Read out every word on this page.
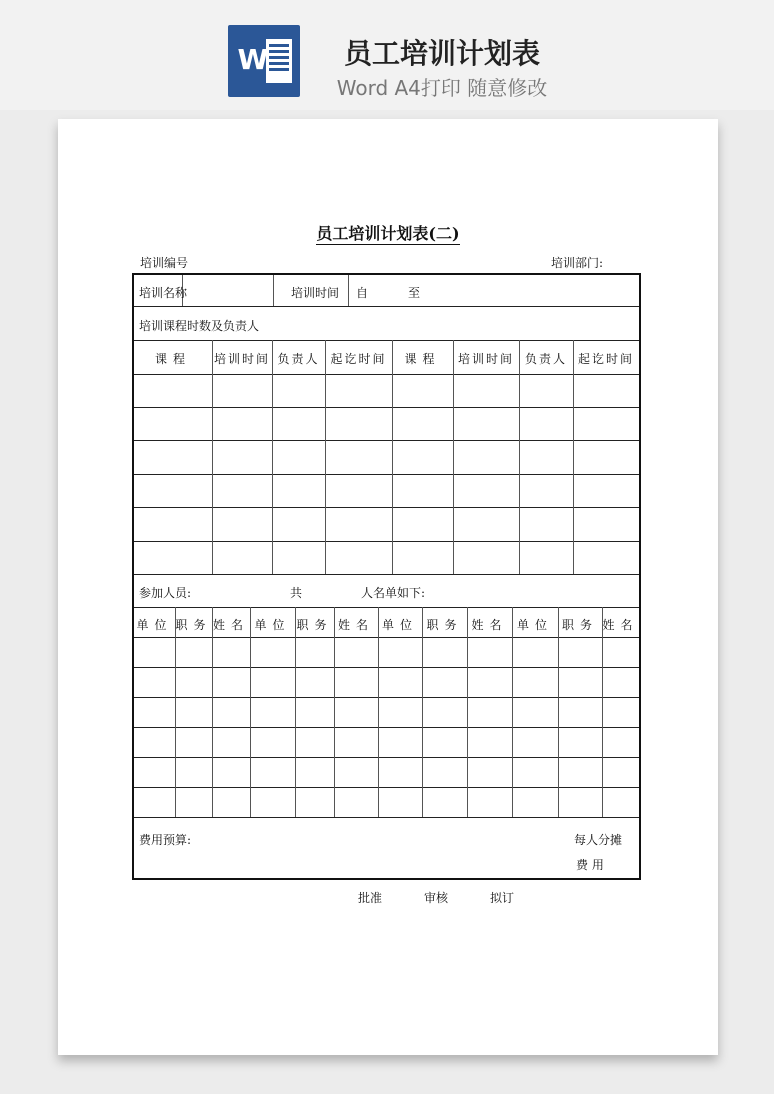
W	员工培训计划表
Word A4打印 随意修改
员工培训计划表(二)
培训编号	培训部门:
培训名称	培训时间 自	至
培训课程时数及负责人
课程	培训时间 负责人 起讫时间	课程	培训时间 负责人 起讫时间
参加人员:	共	人名单如下:
单位 职务 姓名 单位 职务 姓名 单位 职务 姓名 单位 职务 姓名
费用预算:	每人分摊
费 用
批准	审核	拟订
